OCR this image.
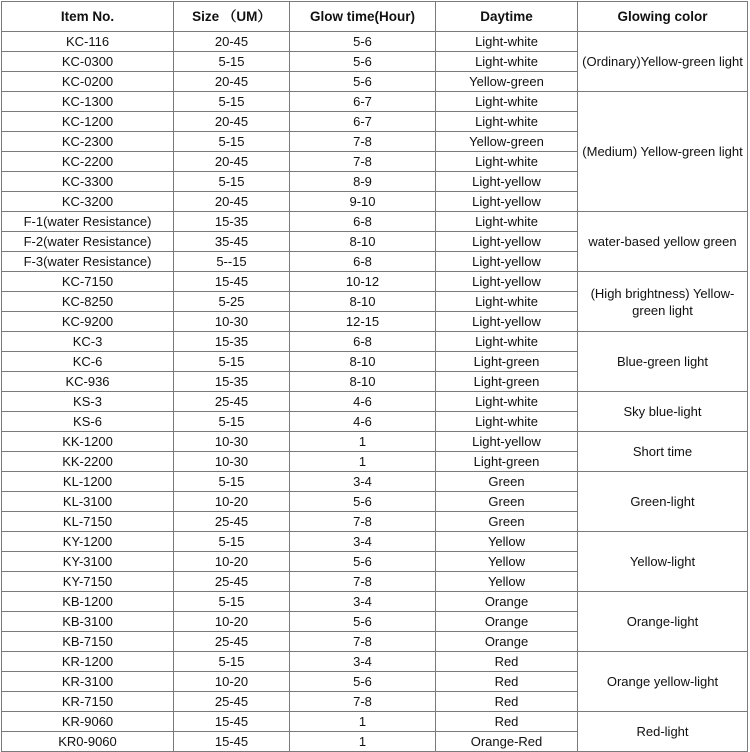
Item No.	Size （UM）	Glow time(Hour)	Daytime	Glowing color
KC-116	20-45	5-6	Light-white	(Ordinary)Yellow-green light
KC-0300	5-15	5-6	Light-white	
KC-0200	20-45	5-6	Yellow-green	
KC-1300	5-15	6-7	Light-white	(Medium) Yellow-green light
KC-1200	20-45	6-7	Light-white	
KC-2300	5-15	7-8	Yellow-green	
KC-2200	20-45	7-8	Light-white	
KC-3300	5-15	8-9	Light-yellow	
KC-3200	20-45	9-10	Light-yellow	
F-1(water Resistance)	15-35	6-8	Light-white	water-based yellow green
F-2(water Resistance)	35-45	8-10	Light-yellow	
F-3(water Resistance)	5--15	6-8	Light-yellow	
KC-7150	15-45	10-12	Light-yellow	(High brightness) Yellow-green light
KC-8250	5-25	8-10	Light-white	
KC-9200	10-30	12-15	Light-yellow	
KC-3	15-35	6-8	Light-white	Blue-green light
KC-6	5-15	8-10	Light-green	
KC-936	15-35	8-10	Light-green	
KS-3	25-45	4-6	Light-white	Sky blue-light
KS-6	5-15	4-6	Light-white	
KK-1200	10-30	1	Light-yellow	Short time
KK-2200	10-30	1	Light-green	
KL-1200	5-15	3-4	Green	Green-light
KL-3100	10-20	5-6	Green	
KL-7150	25-45	7-8	Green	
KY-1200	5-15	3-4	Yellow	Yellow-light
KY-3100	10-20	5-6	Yellow	
KY-7150	25-45	7-8	Yellow	
KB-1200	5-15	3-4	Orange	Orange-light
KB-3100	10-20	5-6	Orange	
KB-7150	25-45	7-8	Orange	
KR-1200	5-15	3-4	Red	Orange yellow-light
KR-3100	10-20	5-6	Red	
KR-7150	25-45	7-8	Red	
KR-9060	15-45	1	Red	Red-light
KR0-9060	15-45	1	Orange-Red	
